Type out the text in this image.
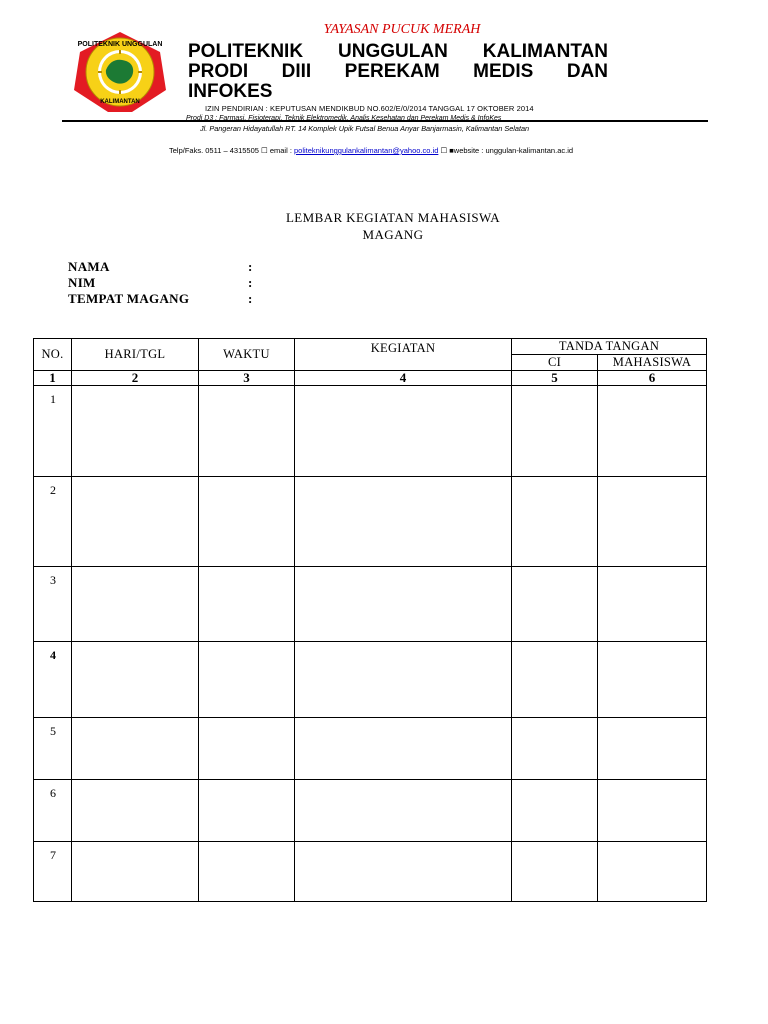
YAYASAN PUCUK MERAH
POLITEKNIK UNGGULAN
KALIMANTAN
POLITEKNIK UNGGULAN KALIMANTAN
PRODI DIII PEREKAM MEDIS DAN
INFOKES
IZIN PENDIRIAN : KEPUTUSAN MENDIKBUD NO.602/E/0/2014 TANGGAL 17 OKTOBER 2014
Prodi D3 : Farmasi, Fisioterapi, Teknik Elektromedik, Analis Kesehatan dan Perekam Medis & InfoKes
Jl. Pangeran Hidayatullah RT. 14 Komplek Upik Futsal Benua Anyar Banjarmasin, Kalimantan Selatan
Telp/Faks. 0511 – 4315505 ☐ email : politeknikunggulankalimantan@yahoo.co.id ☐ ■website : unggulan-kalimantan.ac.id
LEMBAR KEGIATAN MAHASISWA
MAGANG
NAMA	:
NIM	:
TEMPAT MAGANG	:
NO.	HARI/TGL	WAKTU	KEGIATAN	TANDA TANGAN	
				CI	MAHASISWA
1	2	3	4	5	6
1					
2					
3					
4					
5					
6					
7					
